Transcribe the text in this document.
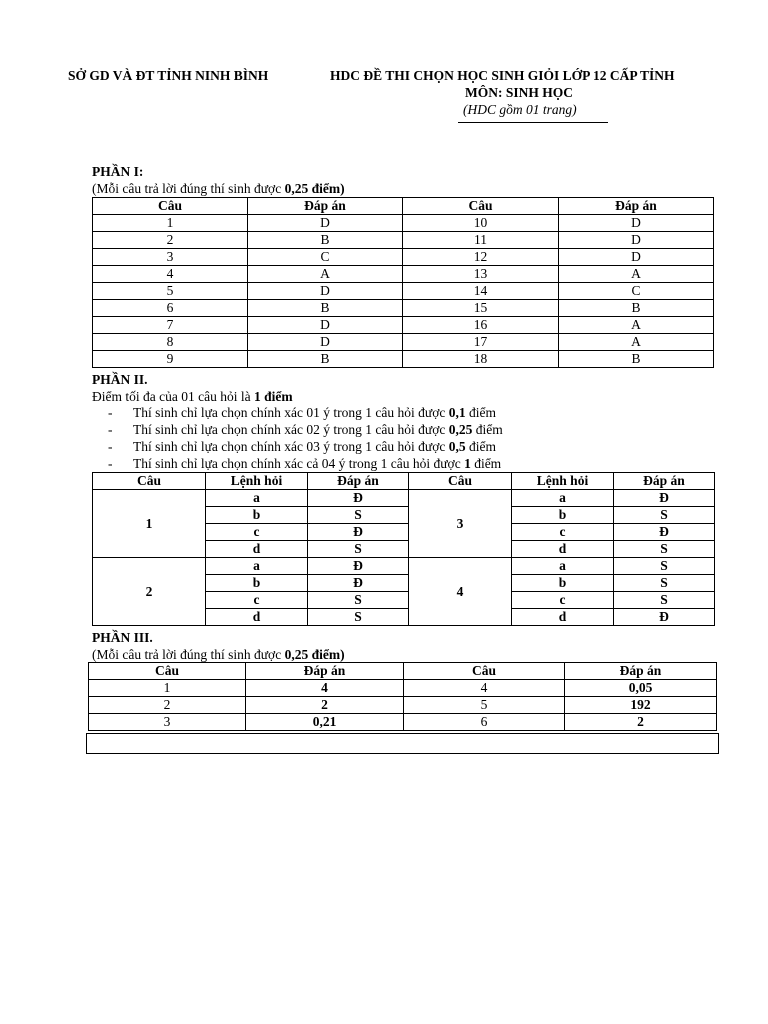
SỞ GD VÀ ĐT TỈNH NINH BÌNH	HDC ĐỀ THI CHỌN HỌC SINH GIỎI LỚP 12 CẤP TỈNH
MÔN: SINH HỌC
(HDC gồm 01 trang)
PHẦN I:
(Mỗi câu trả lời đúng thí sinh được 0,25 điểm)
Câu	Đáp án	Câu	Đáp án
1	D	10	D
2	B	11	D
3	C	12	D
4	A	13	A
5	D	14	C
6	B	15	B
7	D	16	A
8	D	17	A
9	B	18	B
PHẦN II.
Điểm tối đa của 01 câu hỏi là 1 điểm
- Thí sinh chỉ lựa chọn chính xác 01 ý trong 1 câu hỏi được 0,1 điểm
- Thí sinh chỉ lựa chọn chính xác 02 ý trong 1 câu hỏi được 0,25 điểm
- Thí sinh chỉ lựa chọn chính xác 03 ý trong 1 câu hỏi được 0,5 điểm
- Thí sinh chỉ lựa chọn chính xác cả 04 ý trong 1 câu hỏi được 1 điểm
Câu	Lệnh hỏi	Đáp án	Câu	Lệnh hỏi	Đáp án
1	a	Đ	3	a	Đ
	b	S		b	S
	c	Đ		c	Đ
	d	S		d	S
2	a	Đ	4	a	S
	b	Đ		b	S
	c	S		c	S
	d	S		d	Đ
PHẦN III.
(Mỗi câu trả lời đúng thí sinh được 0,25 điểm)
Câu	Đáp án	Câu	Đáp án
1	4	4	0,05
2	2	5	192
3	0,21	6	2
